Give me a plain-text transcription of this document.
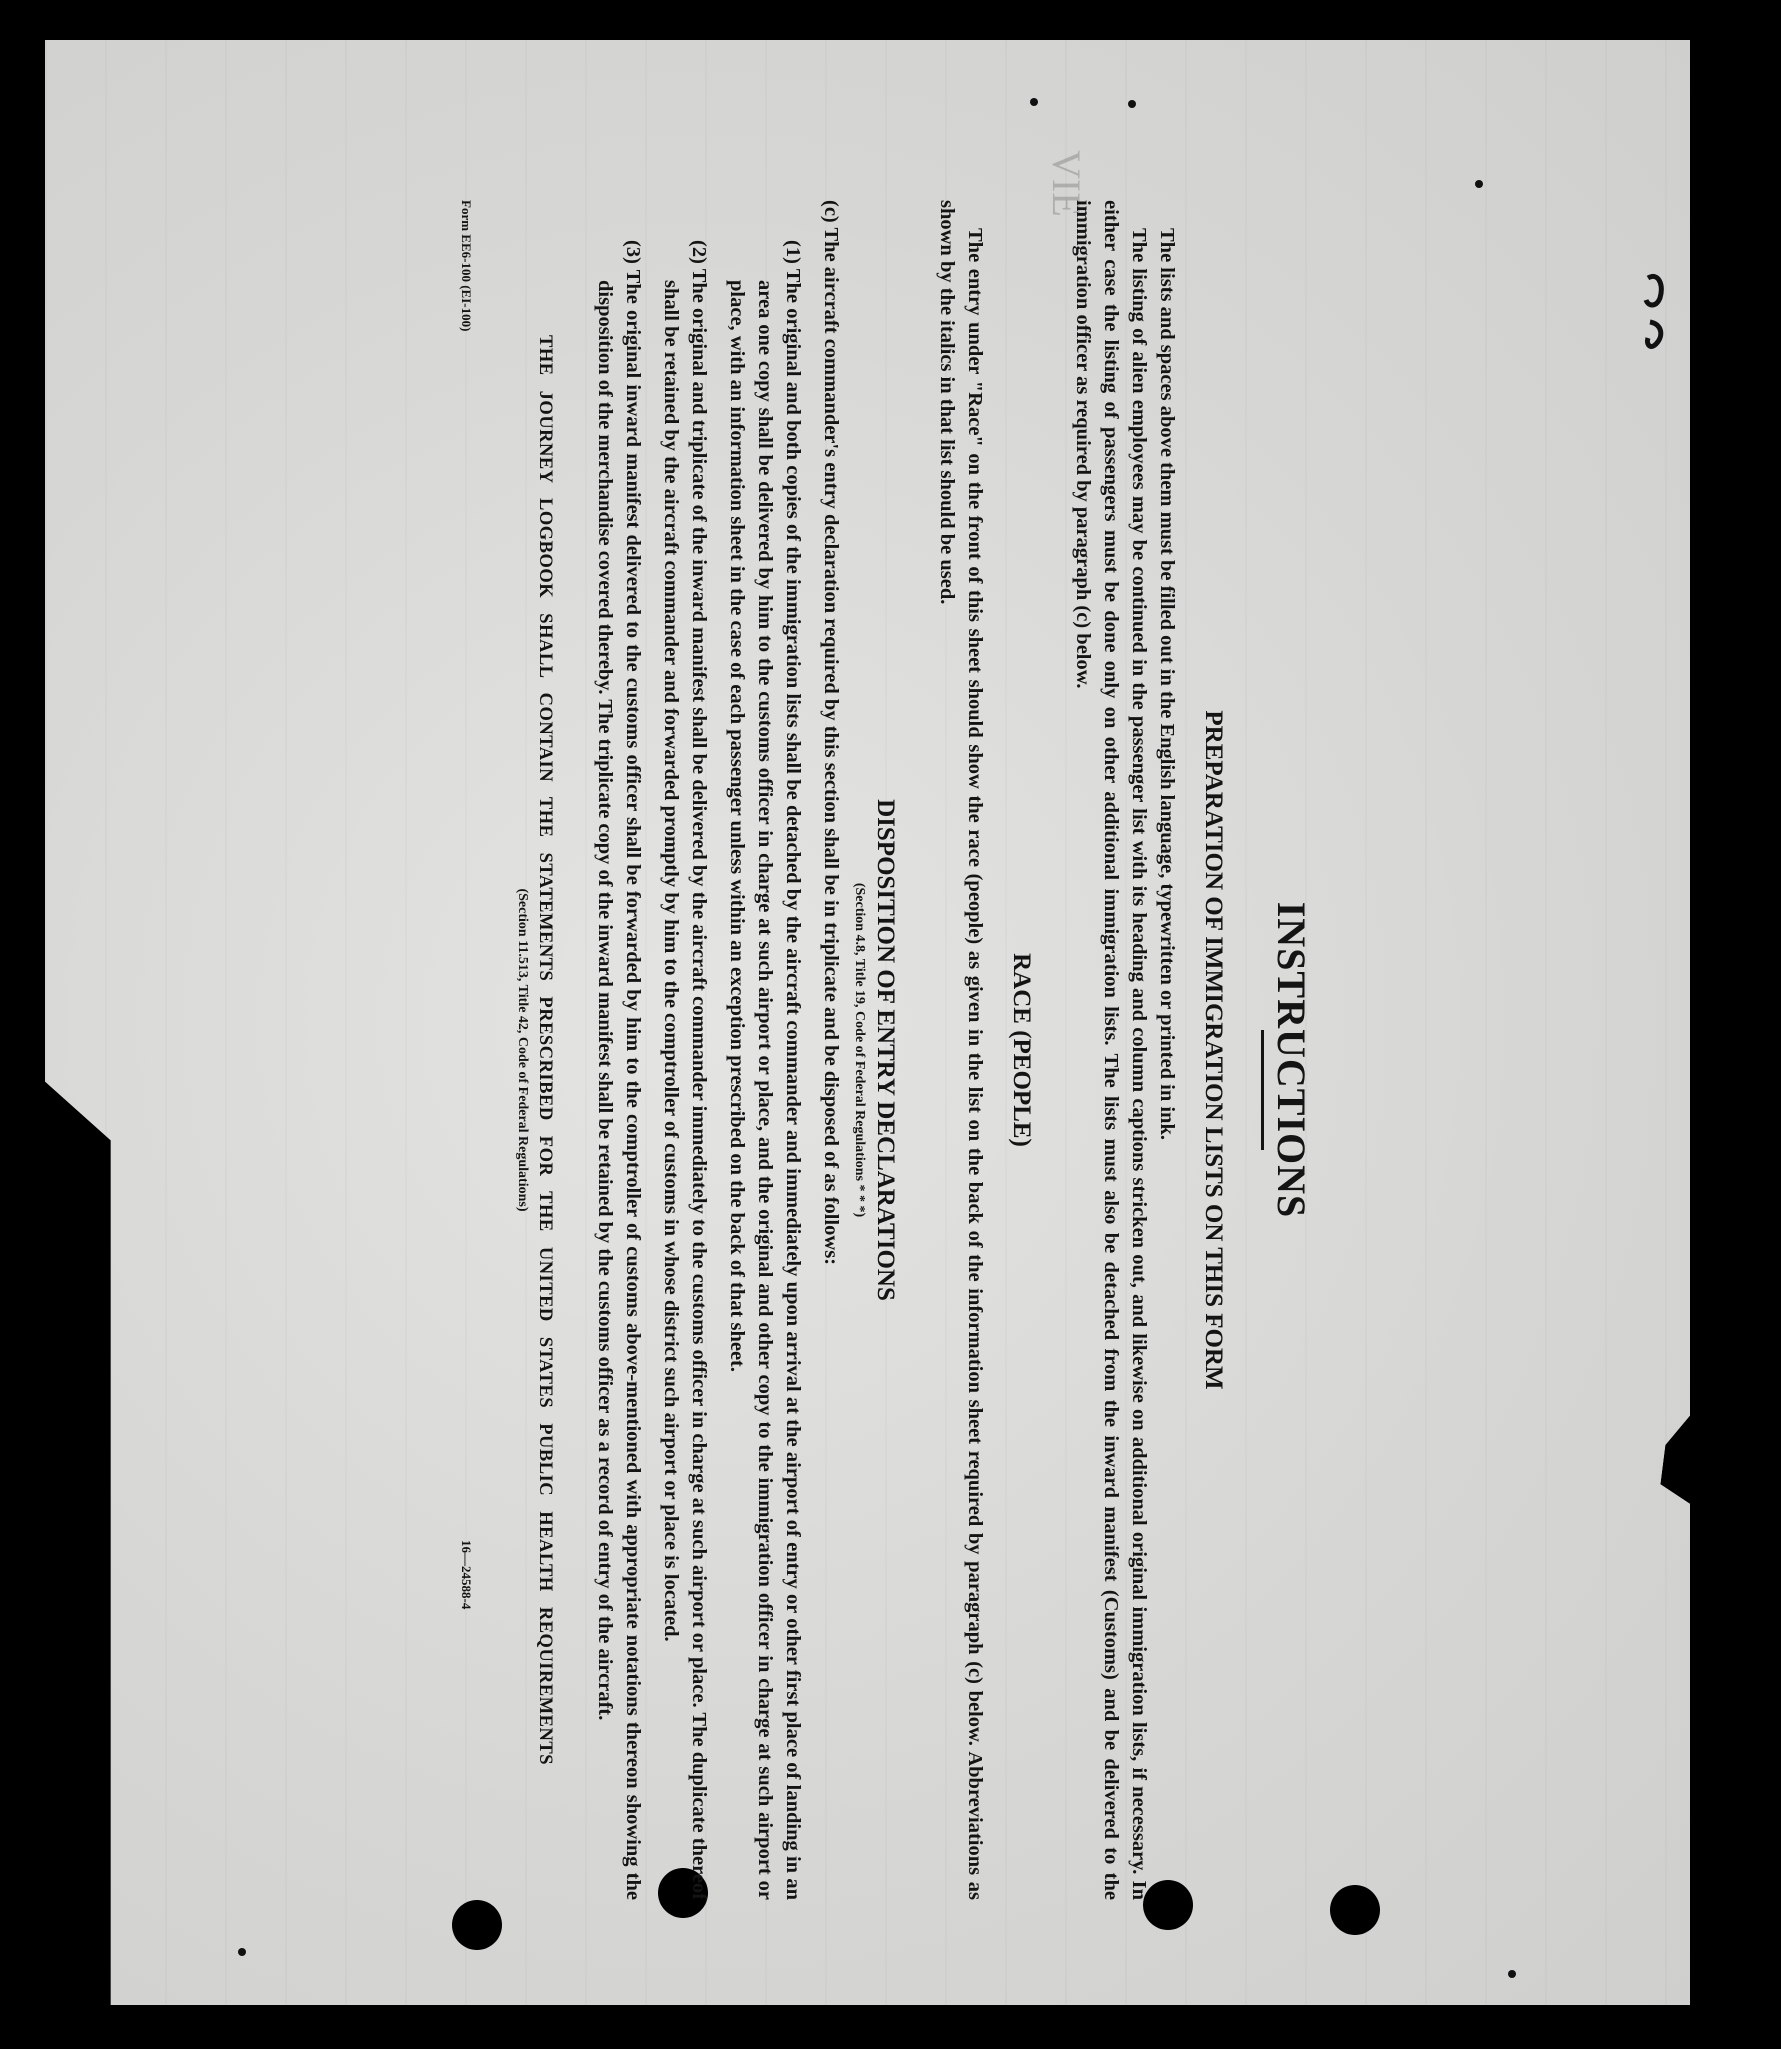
VIE
INSTRUCTIONS
PREPARATION OF IMMIGRATION LISTS ON THIS FORM

The lists and spaces above them must be filled out in the English language, typewritten or printed in ink.

The listing of alien employees may be continued in the passenger list with its heading and column captions stricken out, and likewise on additional original immigration lists, if necessary. In either case the listing of passengers must be done only on other additional immigration lists. The lists must also be detached from the inward manifest (Customs) and be delivered to the immigration officer as required by paragraph (c) below.

RACE (PEOPLE)

The entry under "Race" on the front of this sheet should show the race (people) as given in the list on the back of the information sheet required by paragraph (c) below. Abbreviations as shown by the italics in that list should be used.

DISPOSITION OF ENTRY DECLARATIONS
(Section 4.8, Title 19, Code of Federal Regulations * * *)

(c) The aircraft commander's entry declaration required by this section shall be in triplicate and be disposed of as follows:

(1) The original and both copies of the immigration lists shall be detached by the aircraft commander and immediately upon arrival at the airport of entry or other first place of landing in an area one copy shall be delivered by him to the customs officer in charge at such airport or place, and the original and other copy to the immigration officer in charge at such airport or place, with an information sheet in the case of each passenger unless within an exception prescribed on the back of that sheet.

(2) The original and triplicate of the inward manifest shall be delivered by the aircraft commander immediately to the customs officer in charge at such airport or place. The duplicate thereof shall be retained by the aircraft commander and forwarded promptly by him to the comptroller of customs in whose district such airport or place is located.

(3) The original inward manifest delivered to the customs officer shall be forwarded by him to the comptroller of customs above-mentioned with appropriate notations thereon showing the disposition of the merchandise covered thereby. The triplicate copy of the inward manifest shall be retained by the customs officer as a record of entry of the aircraft.

THE JOURNEY LOGBOOK SHALL CONTAIN THE STATEMENTS PRESCRIBED FOR THE UNITED STATES PUBLIC HEALTH REQUIREMENTS

(Section 11.513, Title 42, Code of Federal Regulations)

Form EE6-100 (EI-100)
16—24588-4
